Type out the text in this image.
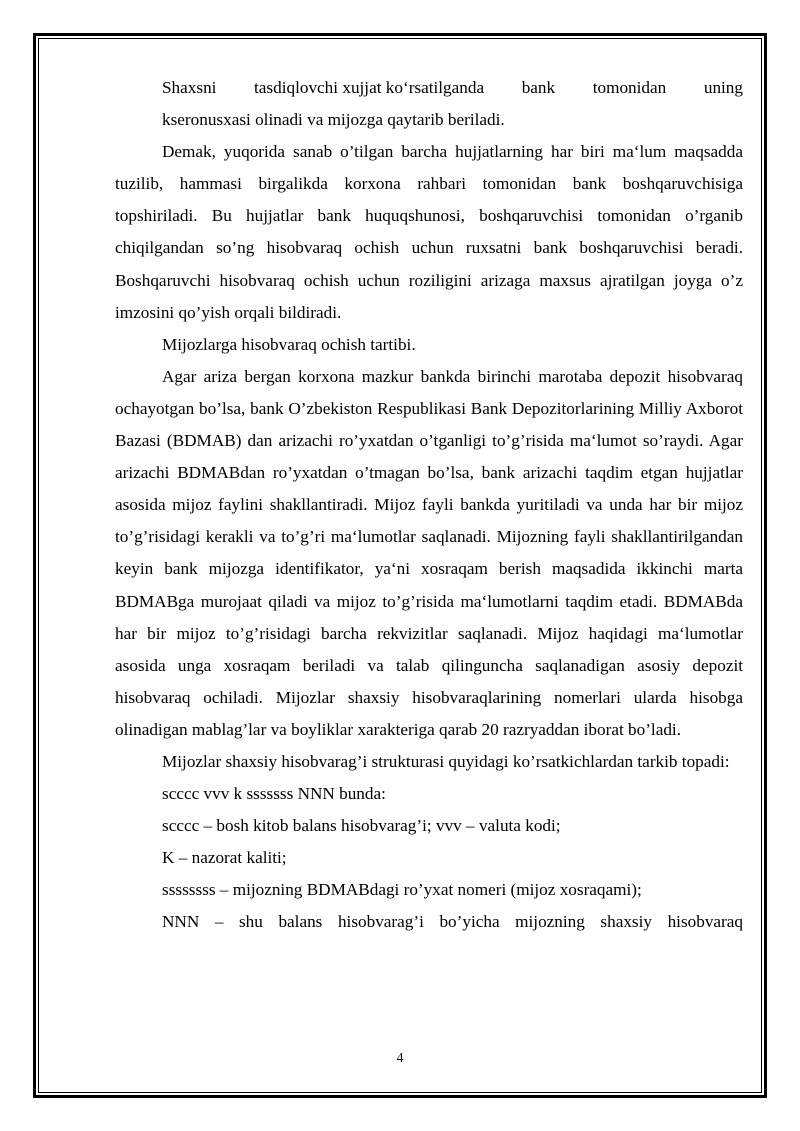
Shaxsni tasdiqlovchi xujjat ko‘rsatilganda bank tomonidan uning

kseronusxasi olinadi va mijozga qaytarib beriladi.

Demak, yuqorida sanab o’tilgan barcha hujjatlarning har biri ma‘lum maqsadda tuzilib, hammasi birgalikda korxona rahbari tomonidan bank boshqaruvchisiga topshiriladi. Bu hujjatlar bank huquqshunosi, boshqaruvchisi tomonidan o’rganib chiqilgandan so’ng hisobvaraq ochish uchun ruxsatni bank boshqaruvchisi beradi. Boshqaruvchi hisobvaraq ochish uchun roziligini arizaga maxsus ajratilgan joyga o’z imzosini qo’yish orqali bildiradi.

Mijozlarga hisobvaraq ochish tartibi.

Agar ariza bergan korxona mazkur bankda birinchi marotaba depozit hisobvaraq ochayotgan bo’lsa, bank O’zbekiston Respublikasi Bank Depozitorlarining Milliy Axborot Bazasi (BDMAB) dan arizachi ro’yxatdan o’tganligi to’g’risida ma‘lumot so’raydi. Agar arizachi BDMABdan ro’yxatdan o’tmagan bo’lsa, bank arizachi taqdim etgan hujjatlar asosida mijoz faylini shakllantiradi. Mijoz fayli bankda yuritiladi va unda har bir mijoz to’g’risidagi kerakli va to’g’ri ma‘lumotlar saqlanadi. Mijozning fayli shakllantirilgandan keyin bank mijozga identifikator, ya‘ni xosraqam berish maqsadida ikkinchi marta BDMABga murojaat qiladi va mijoz to’g’risida ma‘lumotlarni taqdim etadi. BDMABda har bir mijoz to’g’risidagi barcha rekvizitlar saqlanadi. Mijoz haqidagi ma‘lumotlar asosida unga xosraqam beriladi va talab qilinguncha saqlanadigan asosiy depozit hisobvaraq ochiladi. Mijozlar shaxsiy hisobvaraqlarining nomerlari ularda hisobga olinadigan mablag’lar va boyliklar xarakteriga qarab 20 razryaddan iborat bo’ladi.

Mijozlar shaxsiy hisobvarag’i strukturasi quyidagi ko’rsatkichlardan tarkib topadi:

scccc vvv k sssssss NNN bunda:

scccc – bosh kitob balans hisobvarag’i; vvv – valuta kodi;

K – nazorat kaliti;

ssssssss – mijozning BDMABdagi ro’yxat nomeri (mijoz xosraqami);

NNN – shu balans hisobvarag’i bo’yicha mijozning shaxsiy hisobvaraq

4
